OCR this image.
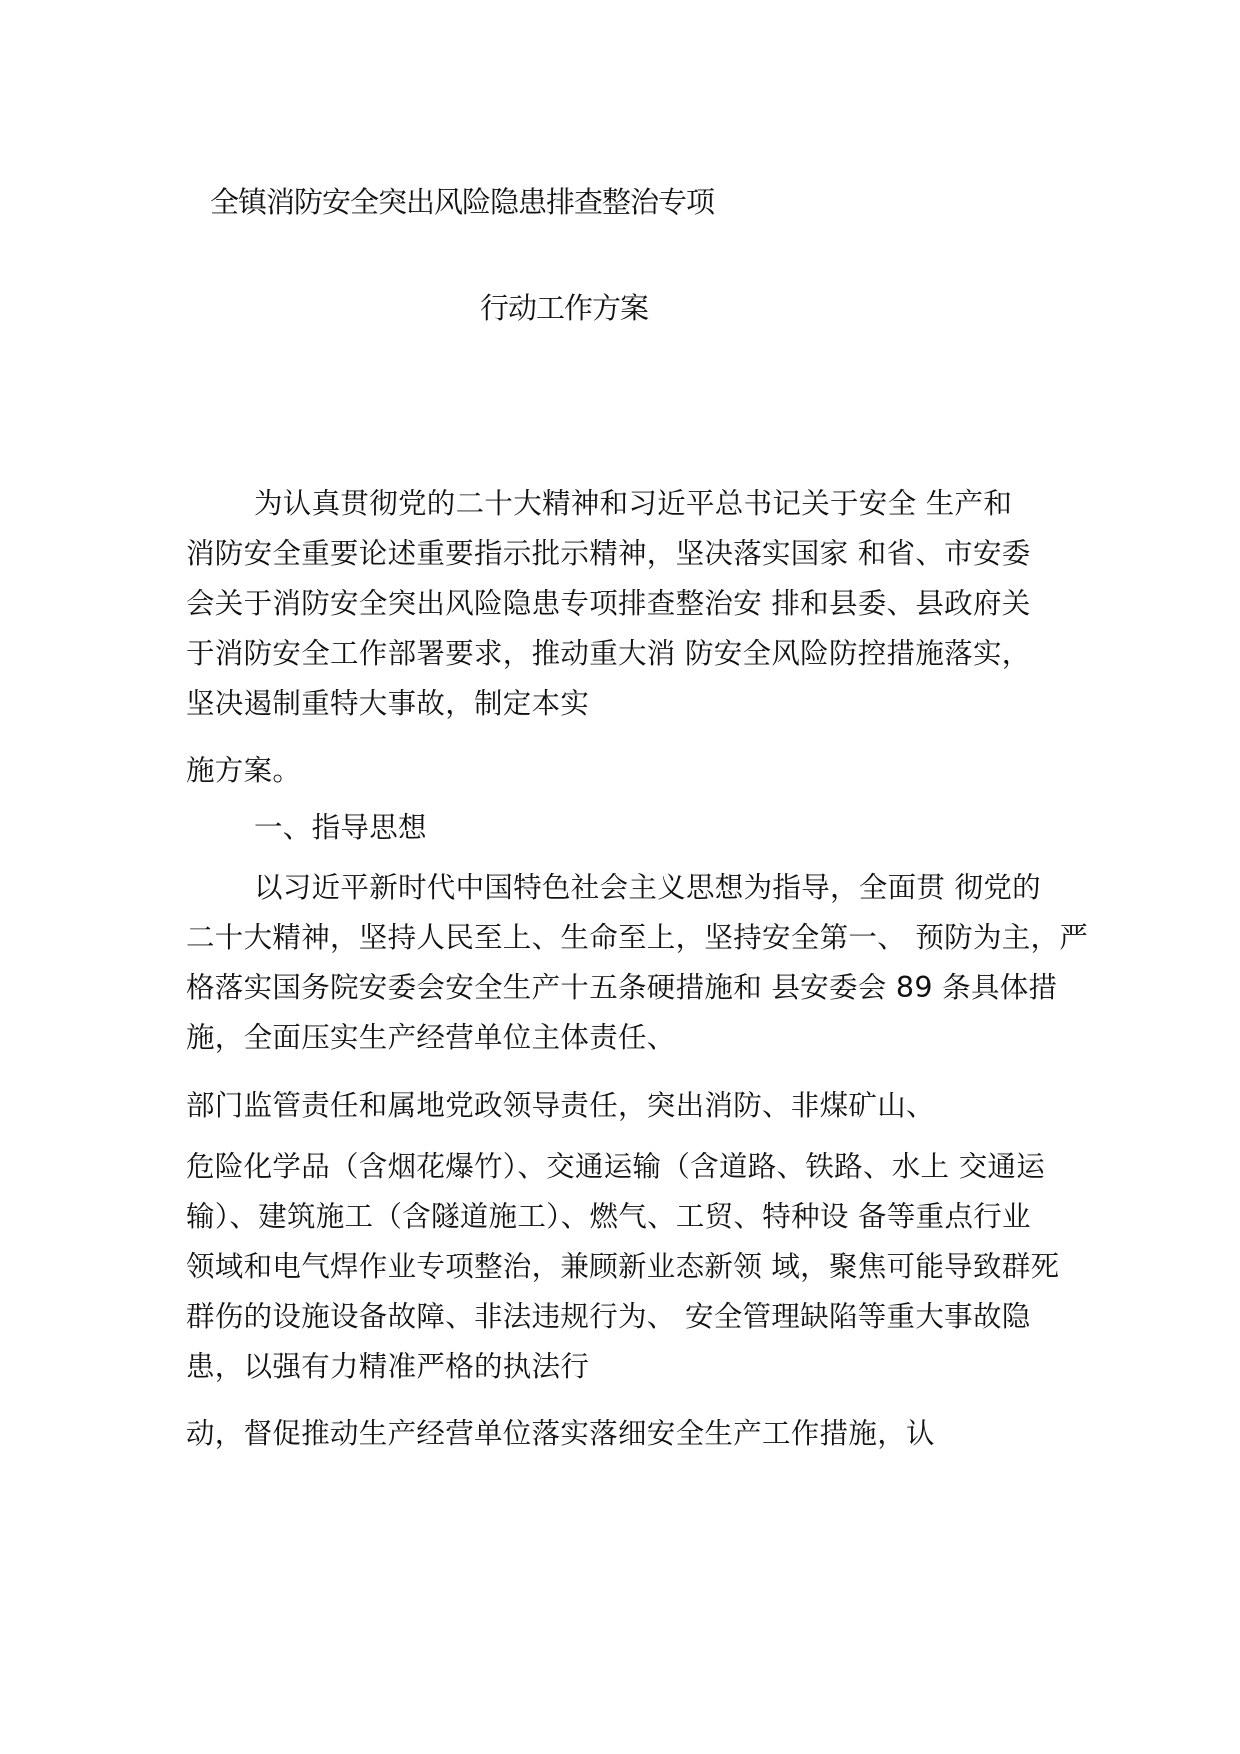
全镇消防安全突出风险隐患排查整治专项
行动工作方案
为认真贯彻党的二十大精神和习近平总书记关于安全 生产和
消防安全重要论述重要指示批示精神，坚决落实国家 和省、市安委
会关于消防安全突出风险隐患专项排查整治安 排和县委、县政府关
于消防安全工作部署要求，推动重大消 防安全风险防控措施落实，
坚决遏制重特大事故，制定本实
施方案。
一、指导思想
以习近平新时代中国特色社会主义思想为指导，全面贯 彻党的
二十大精神，坚持人民至上、生命至上，坚持安全第一、 预防为主，严
格落实国务院安委会安全生产十五条硬措施和 县安委会 89 条具体措
施，全面压实生产经营单位主体责任、
部门监管责任和属地党政领导责任，突出消防、非煤矿山、
危险化学品（含烟花爆竹）、交通运输（含道路、铁路、水上 交通运
输）、建筑施工（含隧道施工）、燃气、工贸、特种设 备等重点行业
领域和电气焊作业专项整治，兼顾新业态新领 域，聚焦可能导致群死
群伤的设施设备故障、非法违规行为、 安全管理缺陷等重大事故隐
患，以强有力精准严格的执法行
动，督促推动生产经营单位落实落细安全生产工作措施，认
